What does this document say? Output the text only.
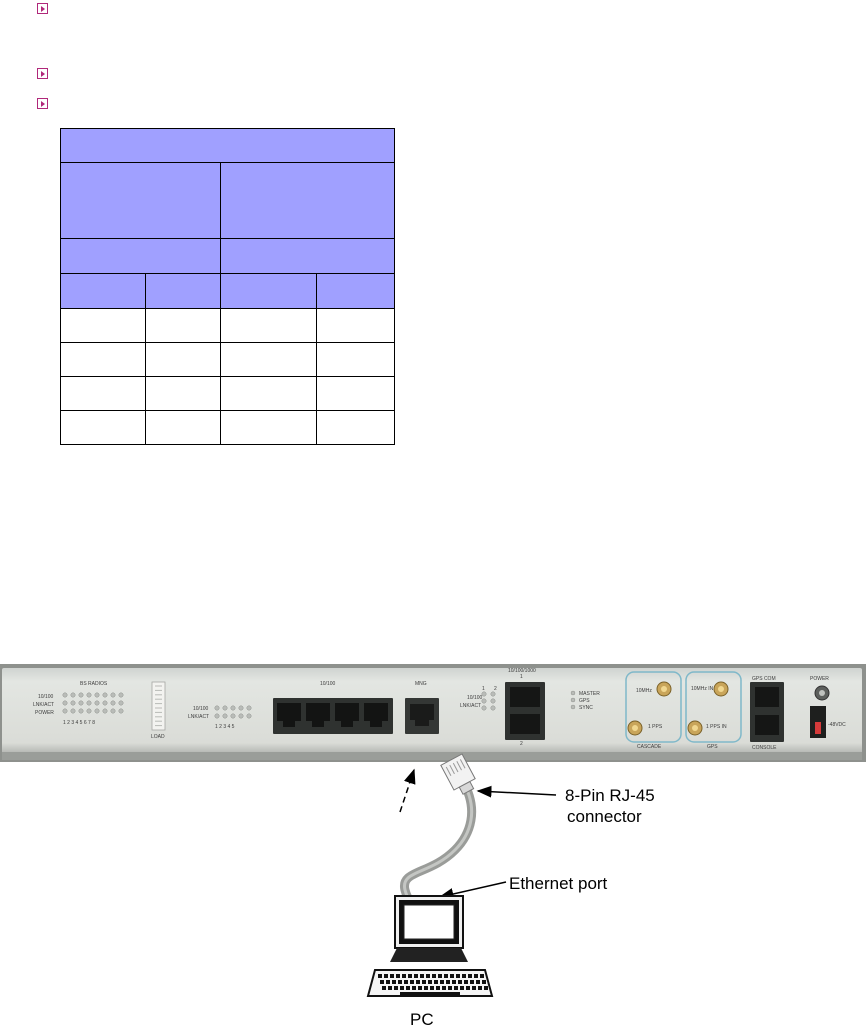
BS RADIOS
10/100
LNK/ACT
POWER
1 2 3 4 5 6 7 8
LOAD
10/100
LNK/ACT
1 2 3 4 5
10/100	MNG
1 2
10/100
LNK/ACT
10/100/1000
1
2
MASTER
GPS
SYNC
10MHz
1 PPS
CASCADE
10MHz IN
1 PPS IN
GPS
GPS COM
CONSOLE
POWER
-48VDC
8-Pin RJ-45
connector
Ethernet port
PC
